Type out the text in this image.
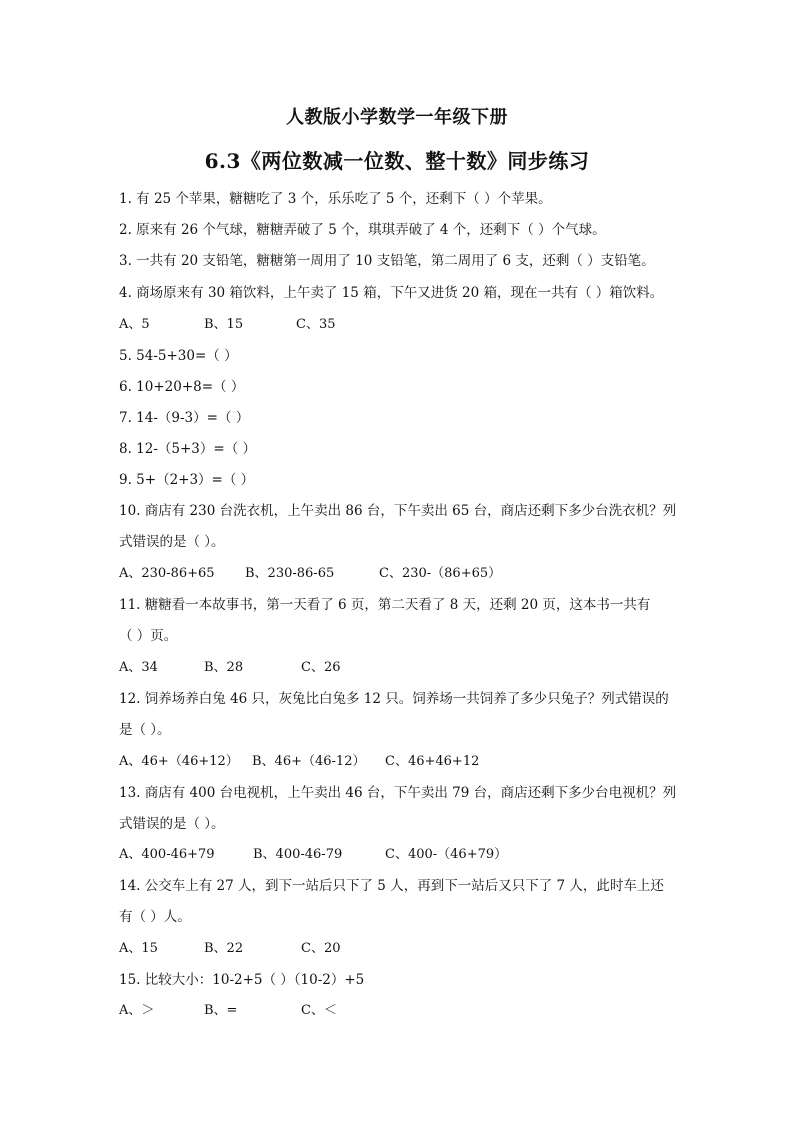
人教版小学数学一年级下册
6.3《两位数减一位数、整十数》同步练习
1. 有 25 个苹果，糖糖吃了 3 个，乐乐吃了 5 个，还剩下（ ）个苹果。
2. 原来有 26 个气球，糖糖弄破了 5 个，琪琪弄破了 4 个，还剩下（ ）个气球。
3. 一共有 20 支铅笔，糖糖第一周用了 10 支铅笔，第二周用了 6 支，还剩（ ）支铅笔。
4. 商场原来有 30 箱饮料，上午卖了 15 箱，下午又进货 20 箱，现在一共有（ ）箱饮料。
A、5	B、15	C、35
5. 54-5+30=（ ）
6. 10+20+8=（ ）
7. 14-（9-3）=（ ）
8. 12-（5+3）=（ ）
9. 5+（2+3）=（ ）
10. 商店有 230 台洗衣机，上午卖出 86 台，下午卖出 65 台，商店还剩下多少台洗衣机？列
式错误的是（ ）。
A、230-86+65 B、230-86-65	C、230-（86+65）
11. 糖糖看一本故事书，第一天看了 6 页，第二天看了 8 天，还剩 20 页，这本书一共有
（ ）页。
A、34	B、28	C、26
12. 饲养场养白兔 46 只，灰兔比白兔多 12 只。饲养场一共饲养了多少只兔子？列式错误的
是（ ）。
A、46+（46+12） B、46+（46-12） C、46+46+12
13. 商店有 400 台电视机，上午卖出 46 台，下午卖出 79 台，商店还剩下多少台电视机？列
式错误的是（ ）。
A、400-46+79	B、400-46-79	C、400-（46+79）
14. 公交车上有 27 人，到下一站后只下了 5 人，再到下一站后又只下了 7 人，此时车上还
有（ ）人。
A、15	B、22	C、20
15. 比较大小：10-2+5（ ）（10-2）+5
A、＞	B、=	C、＜
